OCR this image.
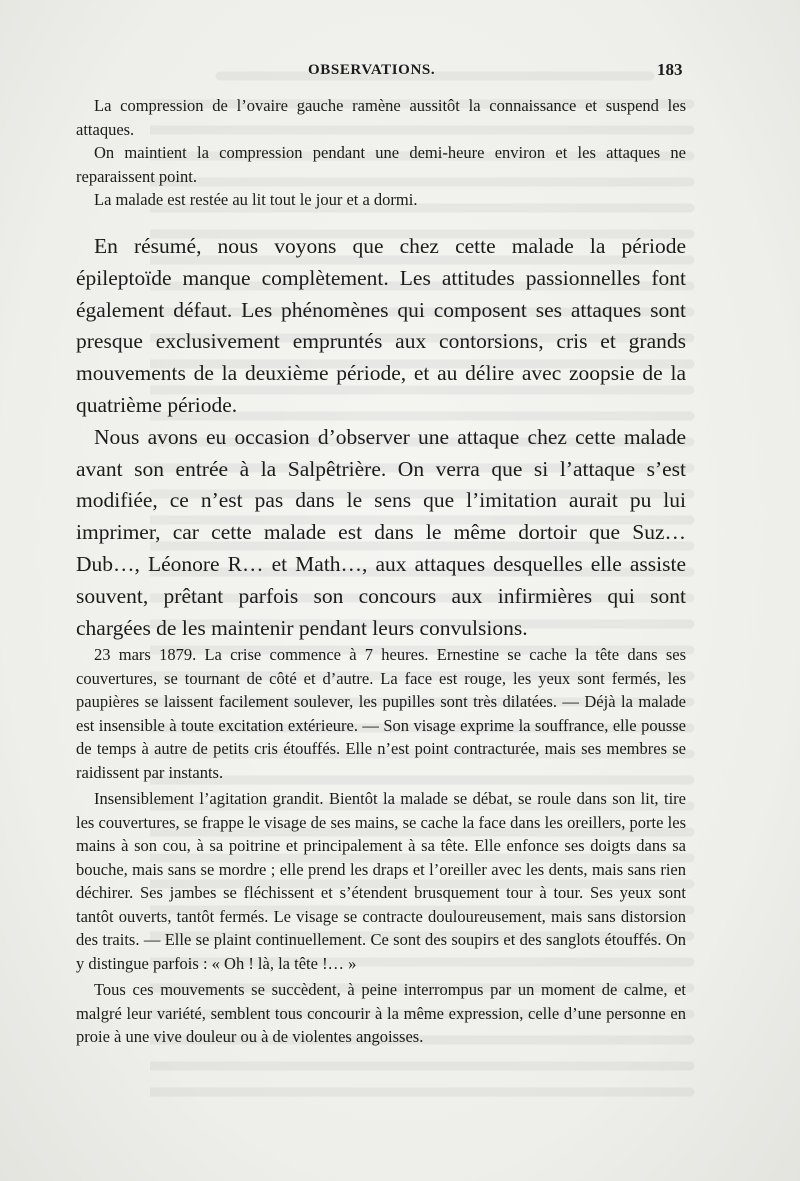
OBSERVATIONS.	183

La compression de l’ovaire gauche ramène aussitôt la connaissance et suspend les attaques.

On maintient la compression pendant une demi-heure environ et les attaques ne reparaissent point.

La malade est restée au lit tout le jour et a dormi.

En résumé, nous voyons que chez cette malade la période épileptoïde manque complètement. Les attitudes passionnelles font également défaut. Les phénomènes qui composent ses attaques sont presque exclusivement empruntés aux contorsions, cris et grands mouvements de la deuxième période, et au délire avec zoopsie de la quatrième période.

Nous avons eu occasion d’observer une attaque chez cette malade avant son entrée à la Salpêtrière. On verra que si l’attaque s’est modifiée, ce n’est pas dans le sens que l’imitation aurait pu lui imprimer, car cette malade est dans le même dortoir que Suz… Dub…, Léonore R… et Math…, aux attaques desquelles elle assiste souvent, prêtant parfois son concours aux infirmières qui sont chargées de les maintenir pendant leurs convulsions.

23 mars 1879. La crise commence à 7 heures. Ernestine se cache la tête dans ses couvertures, se tournant de côté et d’autre. La face est rouge, les yeux sont fermés, les paupières se laissent facilement soulever, les pupilles sont très dilatées. — Déjà la malade est insensible à toute excitation extérieure. — Son visage exprime la souffrance, elle pousse de temps à autre de petits cris étouffés. Elle n’est point contracturée, mais ses membres se raidissent par instants.

Insensiblement l’agitation grandit. Bientôt la malade se débat, se roule dans son lit, tire les couvertures, se frappe le visage de ses mains, se cache la face dans les oreillers, porte les mains à son cou, à sa poitrine et principalement à sa tête. Elle enfonce ses doigts dans sa bouche, mais sans se mordre ; elle prend les draps et l’oreiller avec les dents, mais sans rien déchirer. Ses jambes se fléchissent et s’étendent brusquement tour à tour. Ses yeux sont tantôt ouverts, tantôt fermés. Le visage se contracte douloureusement, mais sans distorsion des traits. — Elle se plaint continuellement. Ce sont des soupirs et des sanglots étouffés. On y distingue parfois : « Oh ! là, la tête !… »

Tous ces mouvements se succèdent, à peine interrompus par un moment de calme, et malgré leur variété, semblent tous concourir à la même expression, celle d’une personne en proie à une vive douleur ou à de violentes angoisses.
